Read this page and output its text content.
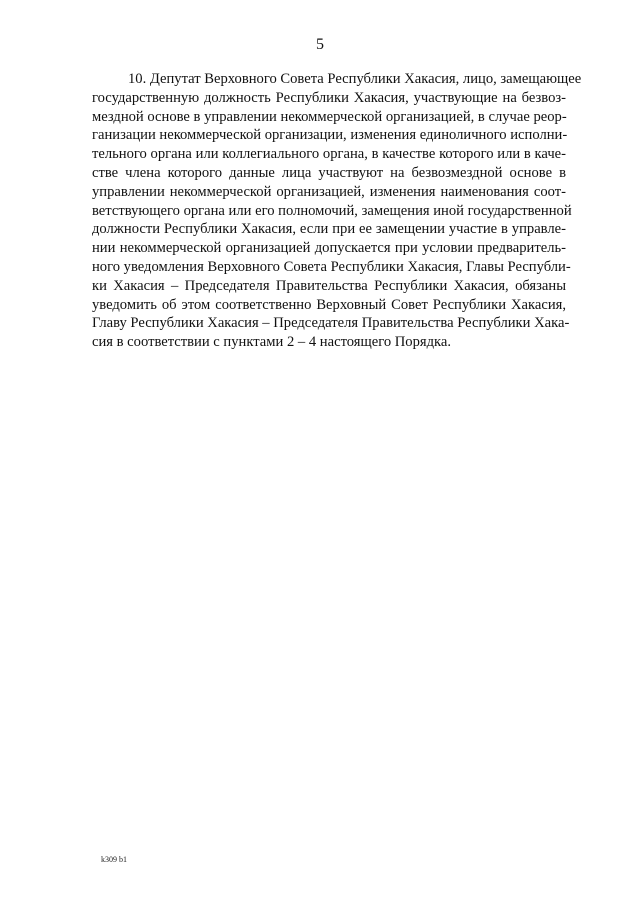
5
10. Депутат Верховного Совета Республики Хакасия, лицо, замещающее
государственную должность Республики Хакасия, участвующие на безвоз-
мездной основе в управлении некоммерческой организацией, в случае реор-
ганизации некоммерческой организации, изменения единоличного исполни-
тельного органа или коллегиального органа, в качестве которого или в каче-
стве члена которого данные лица участвуют на безвозмездной основе в
управлении некоммерческой организацией, изменения наименования соот-
ветствующего органа или его полномочий, замещения иной государственной
должности Республики Хакасия, если при ее замещении участие в управле-
нии некоммерческой организацией допускается при условии предваритель-
ного уведомления Верховного Совета Республики Хакасия, Главы Республи-
ки Хакасия – Председателя Правительства Республики Хакасия, обязаны
уведомить об этом соответственно Верховный Совет Республики Хакасия,
Главу Республики Хакасия – Председателя Правительства Республики Хака-
сия в соответствии с пунктами 2 – 4 настоящего Порядка.
k309 b1
